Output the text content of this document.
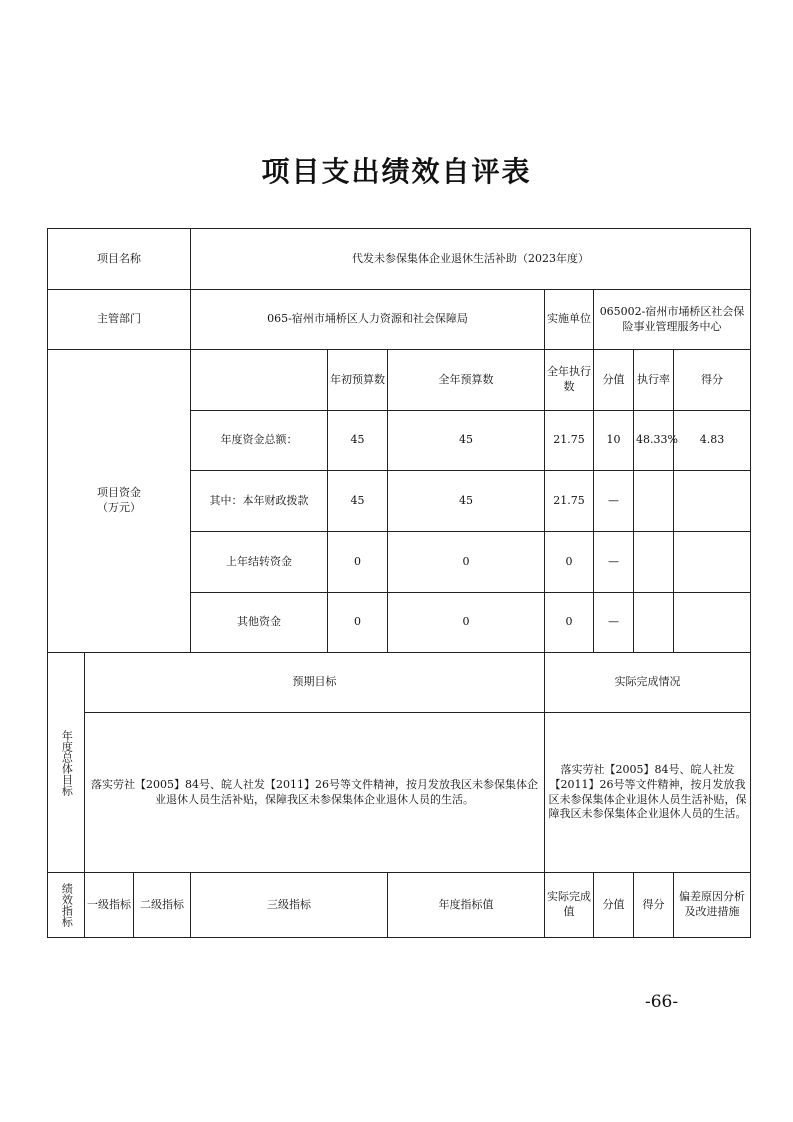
项目支出绩效自评表
项目名称			代发未参保集体企业退休生活补助（2023年度）						
主管部门			065-宿州市埇桥区人力资源和社会保障局			实施单位	065002-宿州市埇桥区社会保险事业管理服务中心		
项目资金
（万元）				年初预算数	全年预算数	全年执行数	分值	执行率	得分
			年度资金总额：	45	45	21.75	10	48.33%	4.83
			其中：本年财政拨款	45	45	21.75	—		
			上年结转资金	0	0	0	—		
			其他资金	0	0	0	—		
年度总体目标	预期目标					实际完成情况			
	落实劳社【2005】84号、皖人社发【2011】26号等文件精神，按月发放我区未参保集体企业退休人员生活补贴，保障我区未参保集体企业退休人员的生活。					落实劳社【2005】84号、皖人社发【2011】26号等文件精神，按月发放我区未参保集体企业退休人员生活补贴，保障我区未参保集体企业退休人员的生活。			
绩效指标	一级指标	二级指标	三级指标		年度指标值	实际完成值	分值	得分	偏差原因分析及改进措施
-66-
